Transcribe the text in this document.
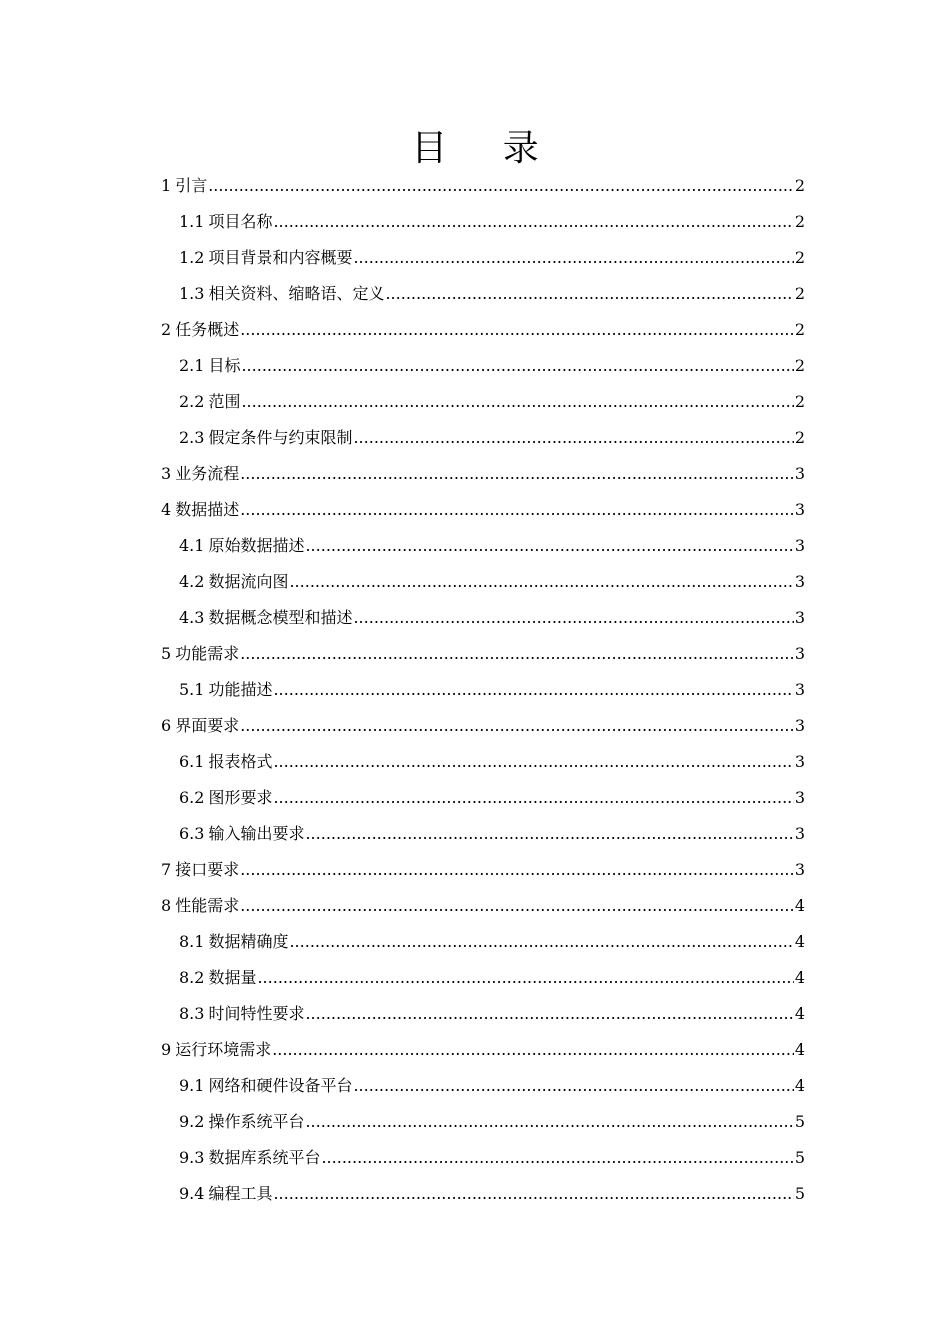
目 录
1 引言 .....	2
1.1 项目名称 .....	2
1.2 项目背景和内容概要 .....	2
1.3 相关资料、缩略语、定义 .....	2
2 任务概述 .....	2
2.1 目标 .....	2
2.2 范围 .....	2
2.3 假定条件与约束限制 .....	2
3 业务流程 .....	3
4 数据描述 .....	3
4.1 原始数据描述 .....	3
4.2 数据流向图 .....	3
4.3 数据概念模型和描述 .....	3
5 功能需求 .....	3
5.1 功能描述 .....	3
6 界面要求 .....	3
6.1 报表格式 .....	3
6.2 图形要求 .....	3
6.3 输入输出要求 .....	3
7 接口要求 .....	3
8 性能需求 .....	4
8.1 数据精确度 .....	4
8.2 数据量 .....	4
8.3 时间特性要求 .....	4
9 运行环境需求 .....	4
9.1 网络和硬件设备平台 .....	4
9.2 操作系统平台 .....	5
9.3 数据库系统平台 .....	5
9.4 编程工具 .....	5
